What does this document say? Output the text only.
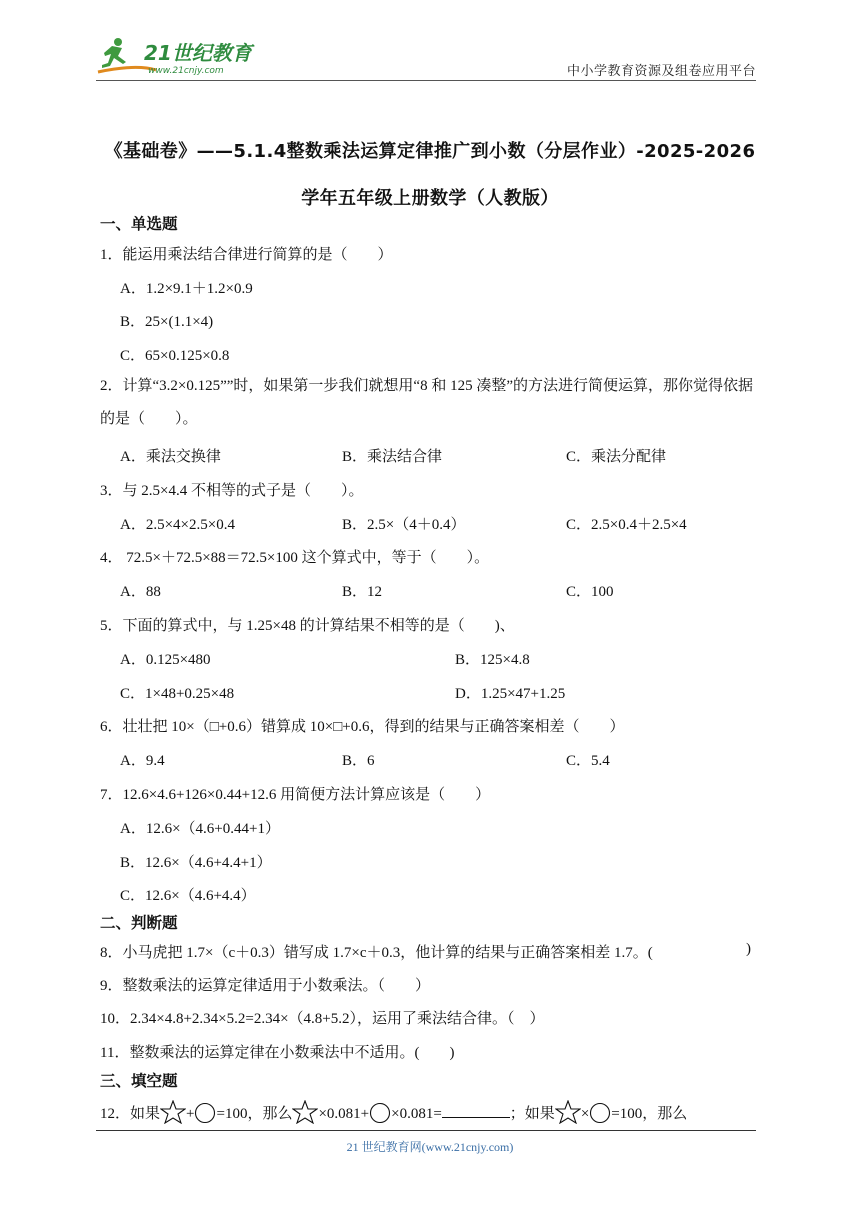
21世纪教育
www.21cnjy.com	中小学教育资源及组卷应用平台
《基础卷》——5.1.4整数乘法运算定律推广到小数（分层作业）-2025-2026
学年五年级上册数学（人教版）
一、单选题
1．能运用乘法结合律进行简算的是（　　）
A．1.2×9.1＋1.2×0.9
B．25×(1.1×4)
C．65×0.125×0.8
2．计算“3.2×0.125””时，如果第一步我们就想用“8 和 125 凑整”的方法进行简便运算，那你觉得依据的是（　　）。
A．乘法交换律	B．乘法结合律	C．乘法分配律
3．与 2.5×4.4 不相等的式子是（　　）。
A．2.5×4×2.5×0.4	B．2.5×（4＋0.4）	C．2.5×0.4＋2.5×4
4． 72.5×＋72.5×88＝72.5×100 这个算式中，等于（　　）。
A．88	B．12	C．100
5．下面的算式中，与 1.25×48 的计算结果不相等的是（　　)、
A．0.125×480	B．125×4.8
C．1×48+0.25×48	D．1.25×47+1.25
6．壮壮把 10×（□+0.6）错算成 10×□+0.6，得到的结果与正确答案相差（　　）
A．9.4	B．6	C．5.4
7．12.6×4.6+126×0.44+12.6 用简便方法计算应该是（　　）
A．12.6×（4.6+0.44+1）
B．12.6×（4.6+4.4+1）
C．12.6×（4.6+4.4）
二、判断题
8．小马虎把 1.7×（c＋0.3）错写成 1.7×c＋0.3，他计算的结果与正确答案相差 1.7。(	)
9．整数乘法的运算定律适用于小数乘法。（　　）
10．2.34×4.8+2.34×5.2=2.34×（4.8+5.2），运用了乘法结合律。（　）
11．整数乘法的运算定律在小数乘法中不适用。(　　)
三、填空题
12．如果 + =100，那么 ×0.081+ ×0.081=	；如果 × =100，那么
21 世纪教育网(www.21cnjy.com)
